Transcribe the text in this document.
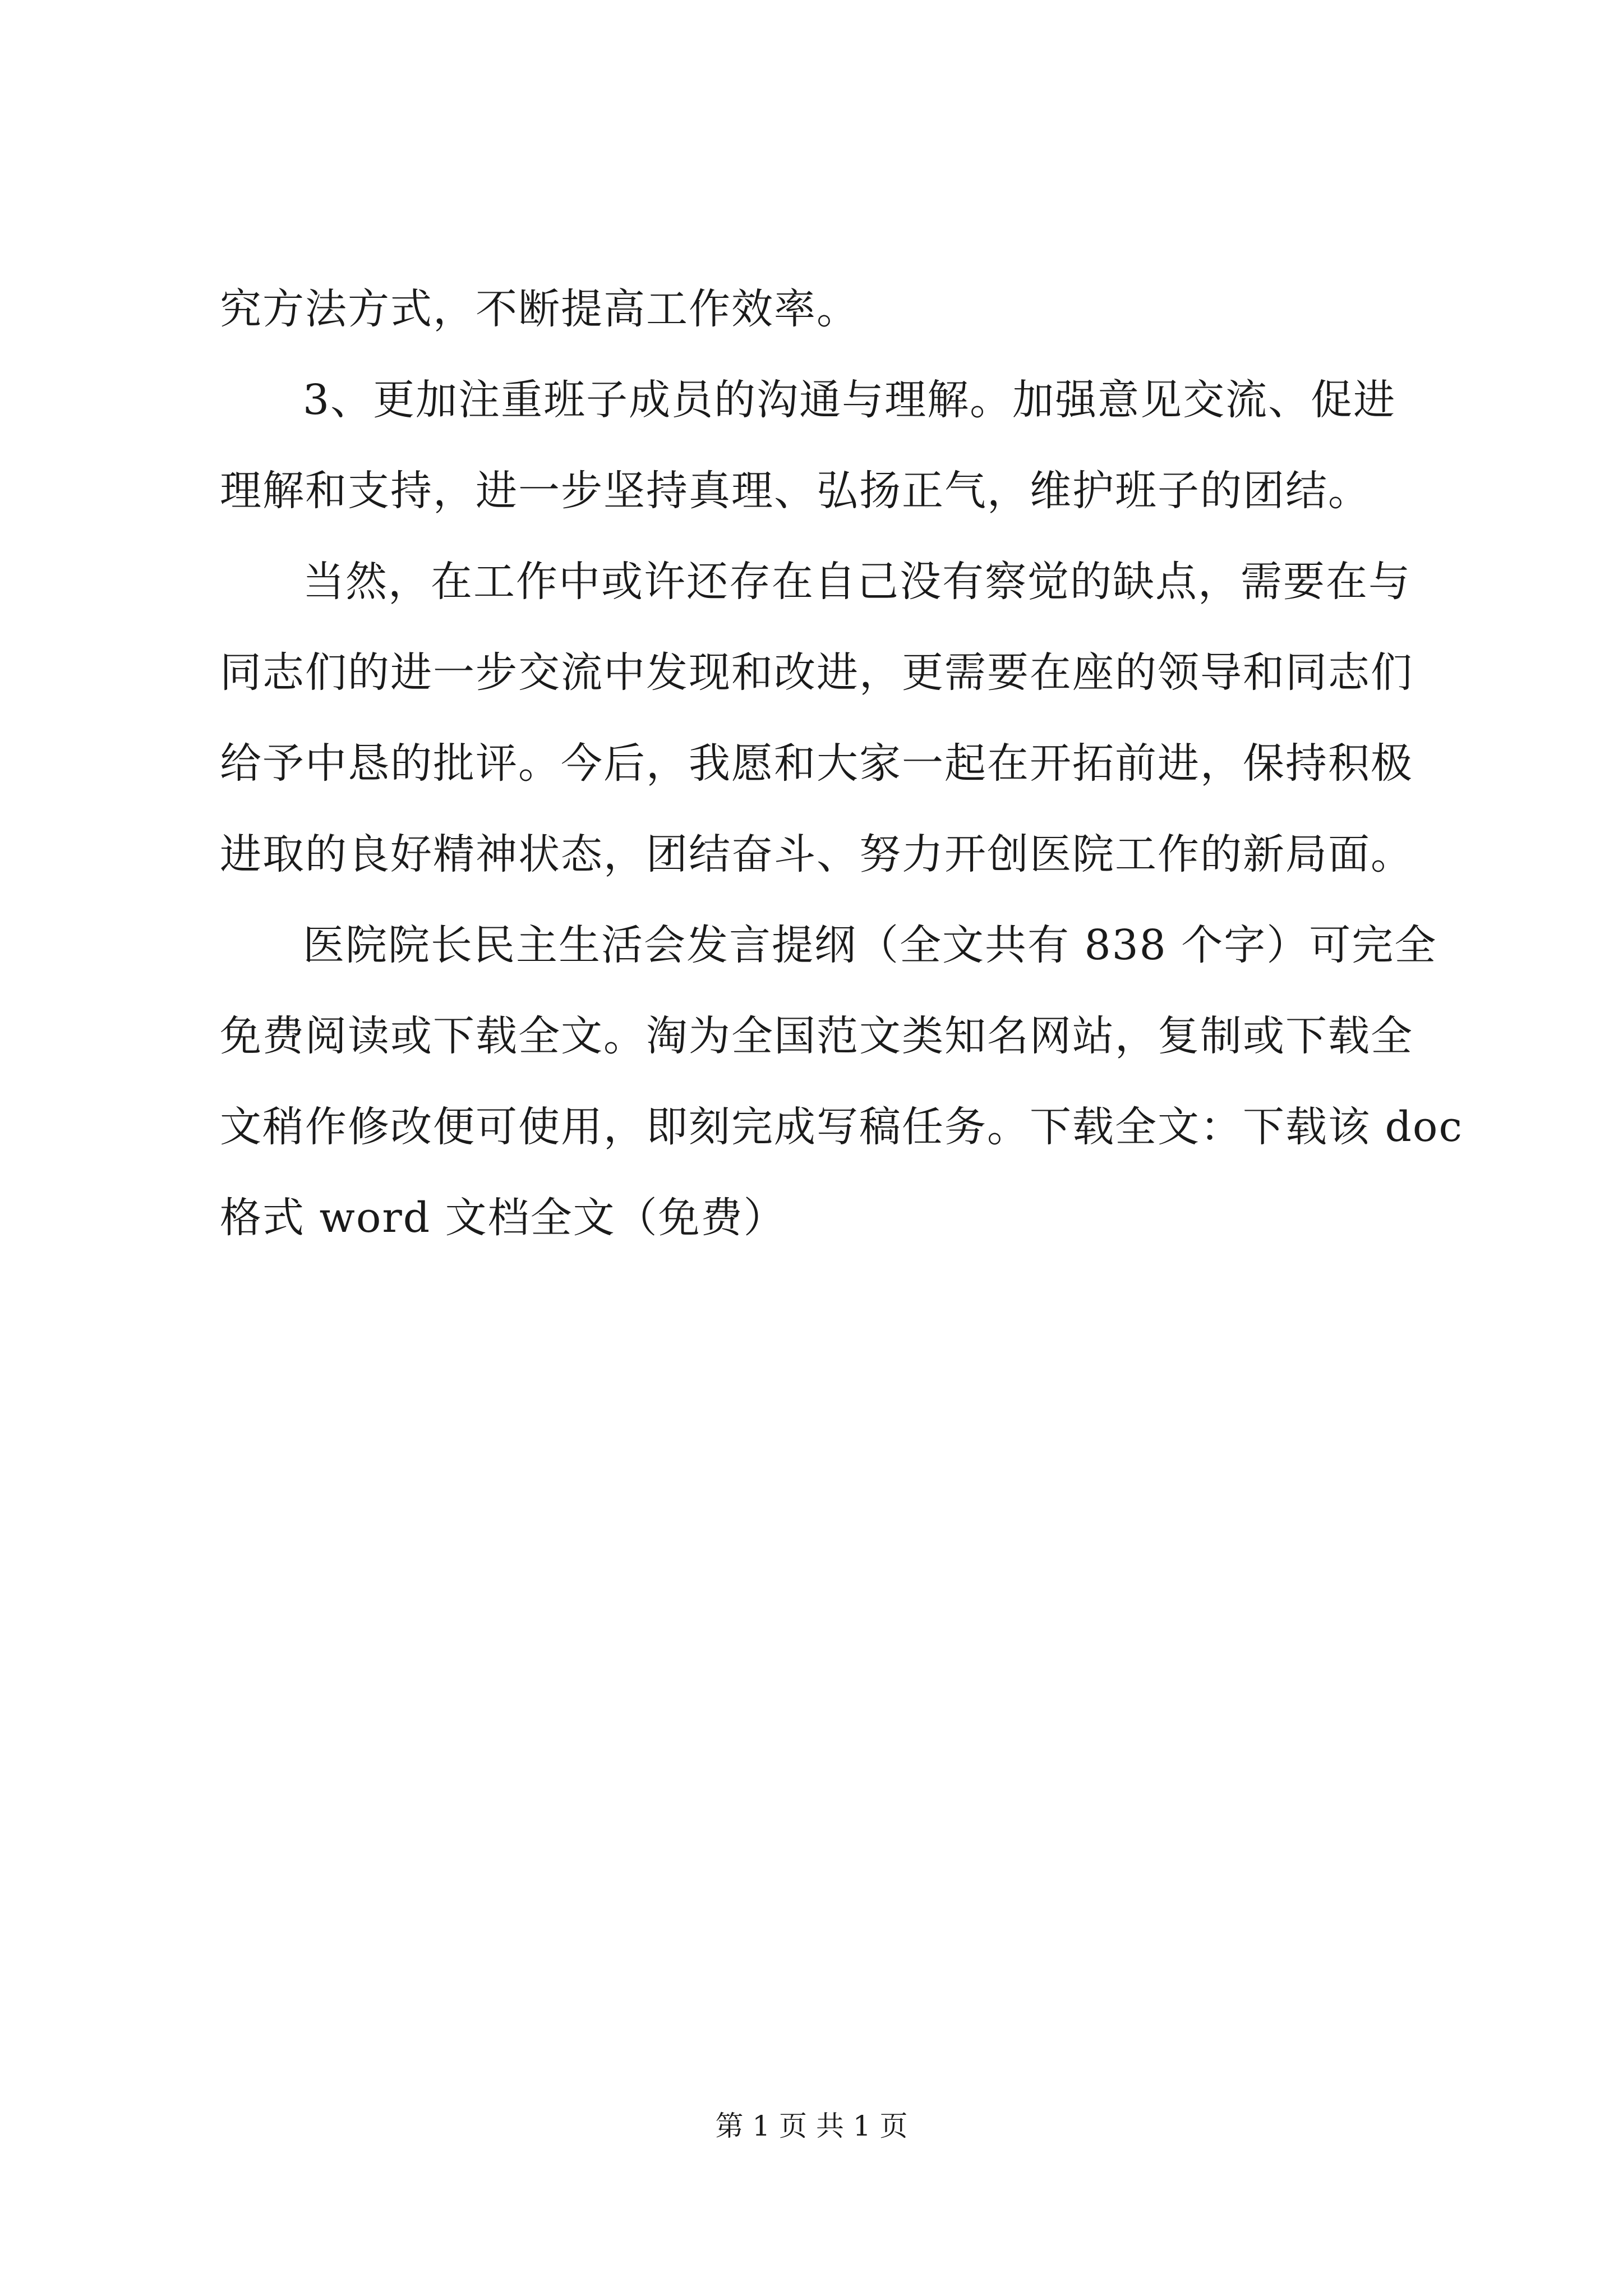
究方法方式，不断提高工作效率。
3、更加注重班子成员的沟通与理解。加强意见交流、促进
理解和支持，进一步坚持真理、弘扬正气，维护班子的团结。
当然，在工作中或许还存在自己没有察觉的缺点，需要在与
同志们的进一步交流中发现和改进，更需要在座的领导和同志们
给予中恳的批评。今后，我愿和大家一起在开拓前进，保持积极
进取的良好精神状态，团结奋斗、努力开创医院工作的新局面。
医院院长民主生活会发言提纲（全文共有 838 个字）可完全
免费阅读或下载全文。淘为全国范文类知名网站，复制或下载全
文稍作修改便可使用，即刻完成写稿任务。下载全文：下载该 doc
格式 word 文档全文（免费）
第 1 页 共 1 页
